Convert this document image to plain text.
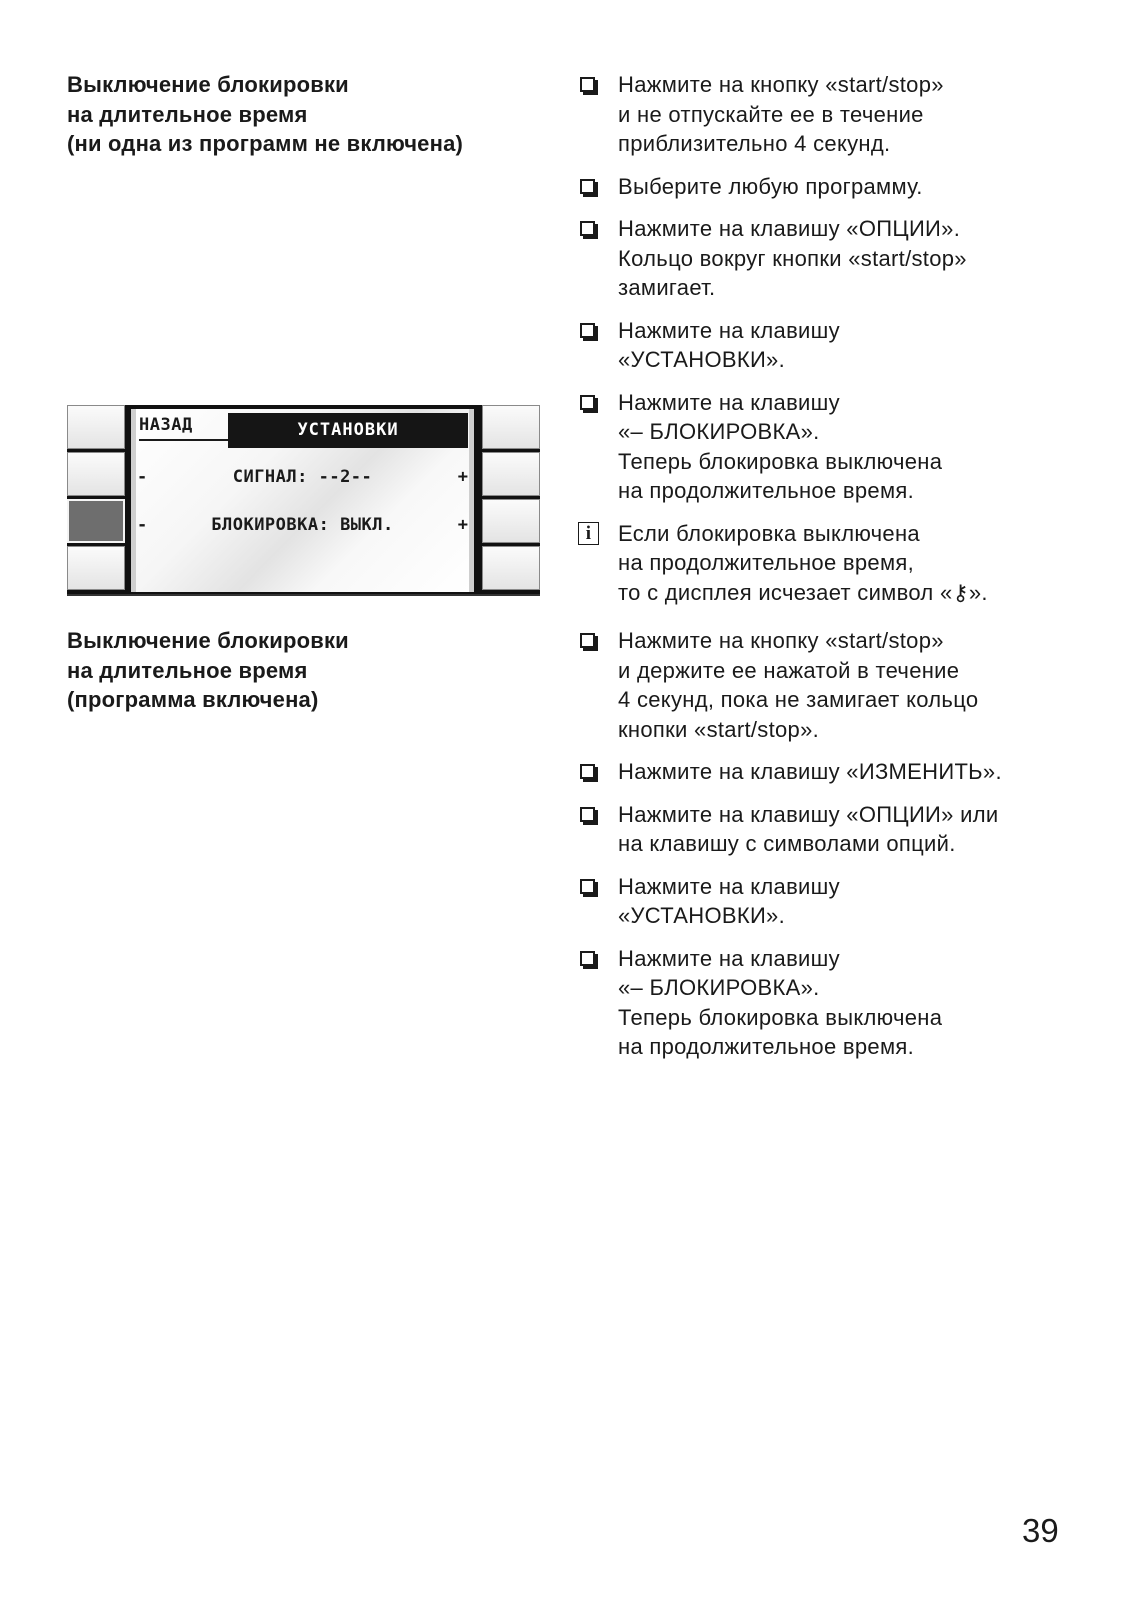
Выключение блокировки
на длительное время
(ни одна из программ не включена)
Выключение блокировки
на длительное время
(программа включена)
НАЗАД	УСТАНОВКИ
-	СИГНАЛ: --2--	+
-	БЛОКИРОВКА: ВЫКЛ.	+
Нажмите на кнопку «start/stop»
и не отпускайте ее в течение
приблизительно 4 секунд.
Выберите любую программу.
Нажмите на клавишу «ОПЦИИ».
Кольцо вокруг кнопки «start/stop»
замигает.
Нажмите на клавишу
«УСТАНОВКИ».
Нажмите на клавишу
«– БЛОКИРОВКА».
Теперь блокировка выключена
на продолжительное время.
i	Если блокировка выключена
на продолжительное время,
то с дисплея исчезает символ «⚷».
Нажмите на кнопку «start/stop»
и держите ее нажатой в течение
4 секунд, пока не замигает кольцо
кнопки «start/stop».
Нажмите на клавишу «ИЗМЕНИТЬ».
Нажмите на клавишу «ОПЦИИ» или
на клавишу с символами опций.
Нажмите на клавишу
«УСТАНОВКИ».
Нажмите на клавишу
«– БЛОКИРОВКА».
Теперь блокировка выключена
на продолжительное время.
39
